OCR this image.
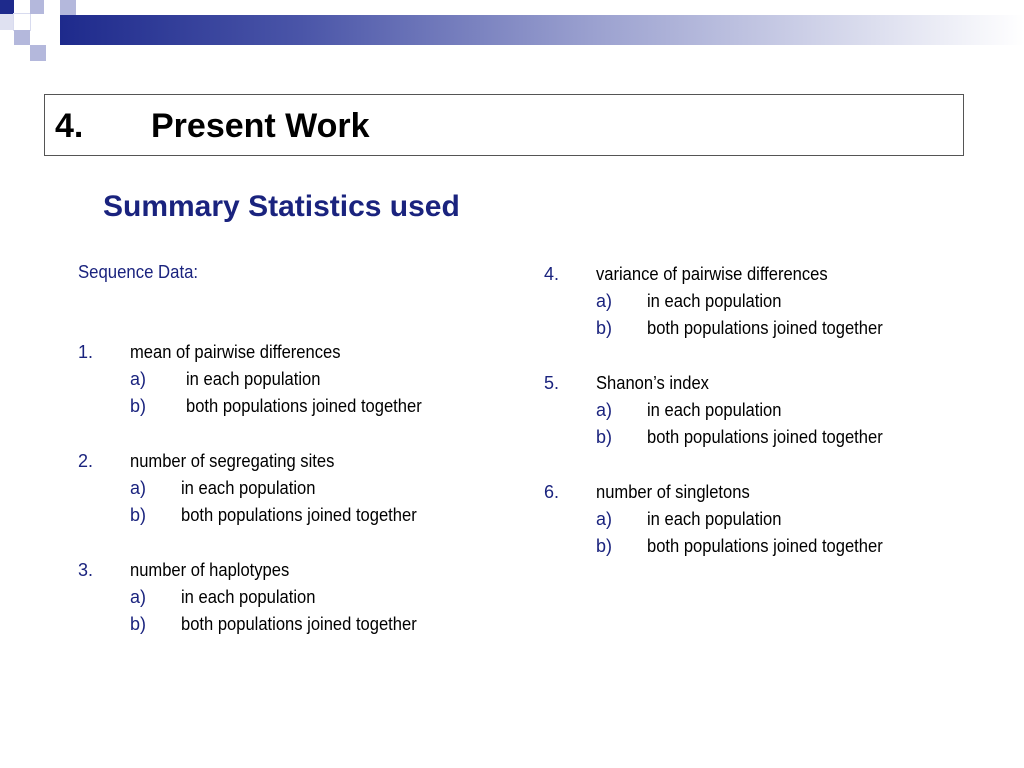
4. Present Work
Summary Statistics used
Sequence Data:
1. mean of pairwise differences
a) in each population
b) both populations joined together
2. number of segregating sites
a) in each population
b) both populations joined together
3. number of haplotypes
a) in each population
b) both populations joined together
4. variance of pairwise differences
a) in each population
b) both populations joined together
5. Shanon’s index
a) in each population
b) both populations joined together
6. number of singletons
a) in each population
b) both populations joined together
